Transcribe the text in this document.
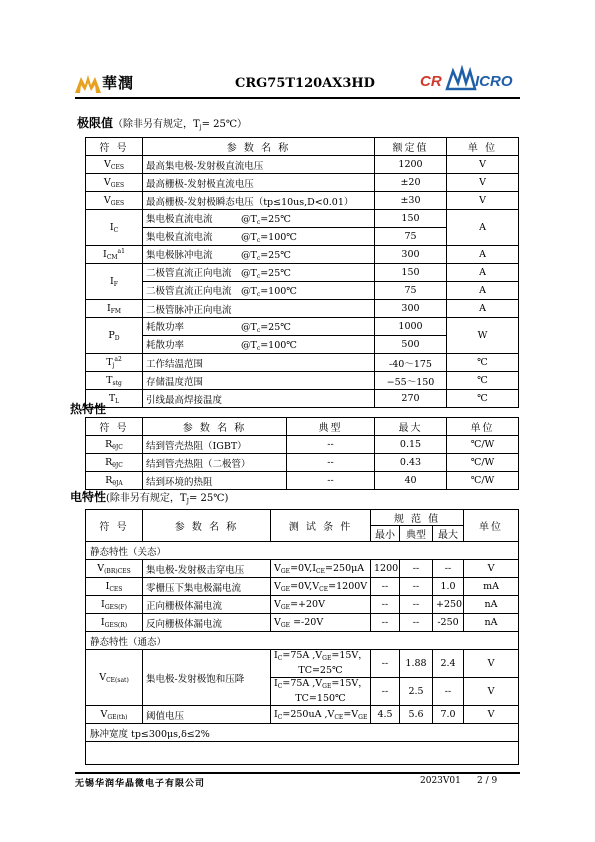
華潤	CRG75T120AX3HD	CR ICRO
极限值（除非另有规定，$T_j=$ 25℃）
符 号	参 数 名 称	额定值	单 位
$V_{CES}$	最高集电极-发射极直流电压	1200	V
$V_{GES}$	最高栅极-发射极直流电压	±20	V
$V_{GES}$	最高栅极-发射极瞬态电压（tp≤10us,D<0.01）	±30	V
$I_C$	集电极直流电流 $@T_c=25℃$	150	A
	集电极直流电流 $@T_c=100℃$	75	
$I_{CM}^{a1}$	集电极脉冲电流 $@T_c=25℃$	300	A
$I_F$	二极管直流正向电流 $@T_c=25℃$	150	A
	二极管直流正向电流 $@T_c=100℃$	75	A
$I_{FM}$	二极管脉冲正向电流	300	A
$P_D$	耗散功率 $@T_c=25℃$	1000	W
	耗散功率 $@T_c=100℃$	500	
$T_j^{a2}$	工作结温范围	-40～175	℃
$T_{stg}$	存储温度范围	−55～150	℃
$T_L$	引线最高焊接温度	270	℃
热特性
符 号	参 数 名 称	典型	最大	单位
$R_{\theta JC}$	结到管壳热阻（IGBT）	--	0.15	℃/W
$R_{\theta JC}$	结到管壳热阻（二极管）	--	0.43	℃/W
$R_{\theta JA}$	结到环境的热阻	--	40	℃/W
电特性(除非另有规定，$T_J=$ 25℃)
符 号	参 数 名 称	测 试 条 件	规 范 值			单位
			最小	典型	最大	
静态特性（关态）						
$V_{(BR)CES}$	集电极-发射极击穿电压	$V_{GE}=0V,I_{CE}=250\mu A$	1200	--	--	V
$I_{CES}$	零栅压下集电极漏电流	$V_{GE}=0V,V_{CE}=1200V$	--	--	1.0	mA
$I_{GES(F)}$	正向栅极体漏电流	$V_{GE}=+20V$	--	--	+250	nA
$I_{GES(R)}$	反向栅极体漏电流	$V_{GE} =-20V$	--	--	-250	nA
静态特性（通态）						
$V_{CE(sat)}$	集电极-发射极饱和压降	$I_C=75A$ $,V_{GE}=15V$，
TC=25℃	--	1.88	2.4	V
		$I_C=75A$ $,V_{GE}=15V$，
TC=150℃	--	2.5	--	V
$V_{GE(th)}$	阈值电压	$I_C=250uA$ $,V_{CE}=V_{GE}$	4.5	5.6	7.0	V
脉冲宽度 tp≤300μs,δ≤2%						

无锡华润华晶微电子有限公司	2023V01 2 / 9
